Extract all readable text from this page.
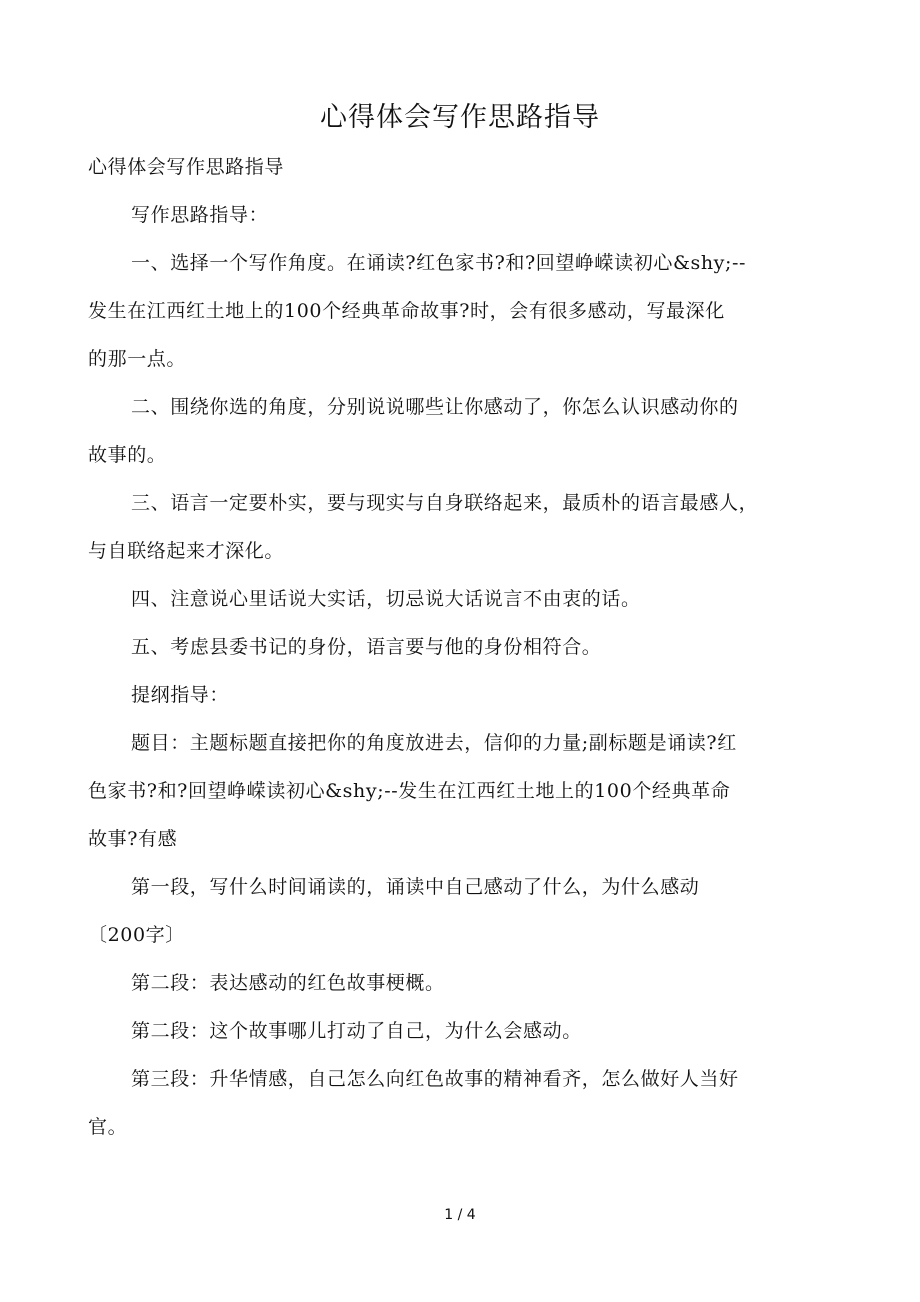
心得体会写作思路指导

心得体会写作思路指导

写作思路指导：

一、选择一个写作角度。在诵读?红色家书?和?回望峥嵘读初心&shy;--

发生在江西红土地上的100个经典革命故事?时，会有很多感动，写最深化

的那一点。

二、围绕你选的角度，分别说说哪些让你感动了，你怎么认识感动你的

故事的。

三、语言一定要朴实，要与现实与自身联络起来，最质朴的语言最感人，

与自联络起来才深化。

四、注意说心里话说大实话，切忌说大话说言不由衷的话。

五、考虑县委书记的身份，语言要与他的身份相符合。

提纲指导：

题目：主题标题直接把你的角度放进去，信仰的力量;副标题是诵读?红

色家书?和?回望峥嵘读初心&shy;--发生在江西红土地上的100个经典革命

故事?有感

第一段，写什么时间诵读的，诵读中自己感动了什么，为什么感动

〔200字〕

第二段：表达感动的红色故事梗概。

第二段：这个故事哪儿打动了自己，为什么会感动。

第三段：升华情感，自己怎么向红色故事的精神看齐，怎么做好人当好

官。

1 / 4
